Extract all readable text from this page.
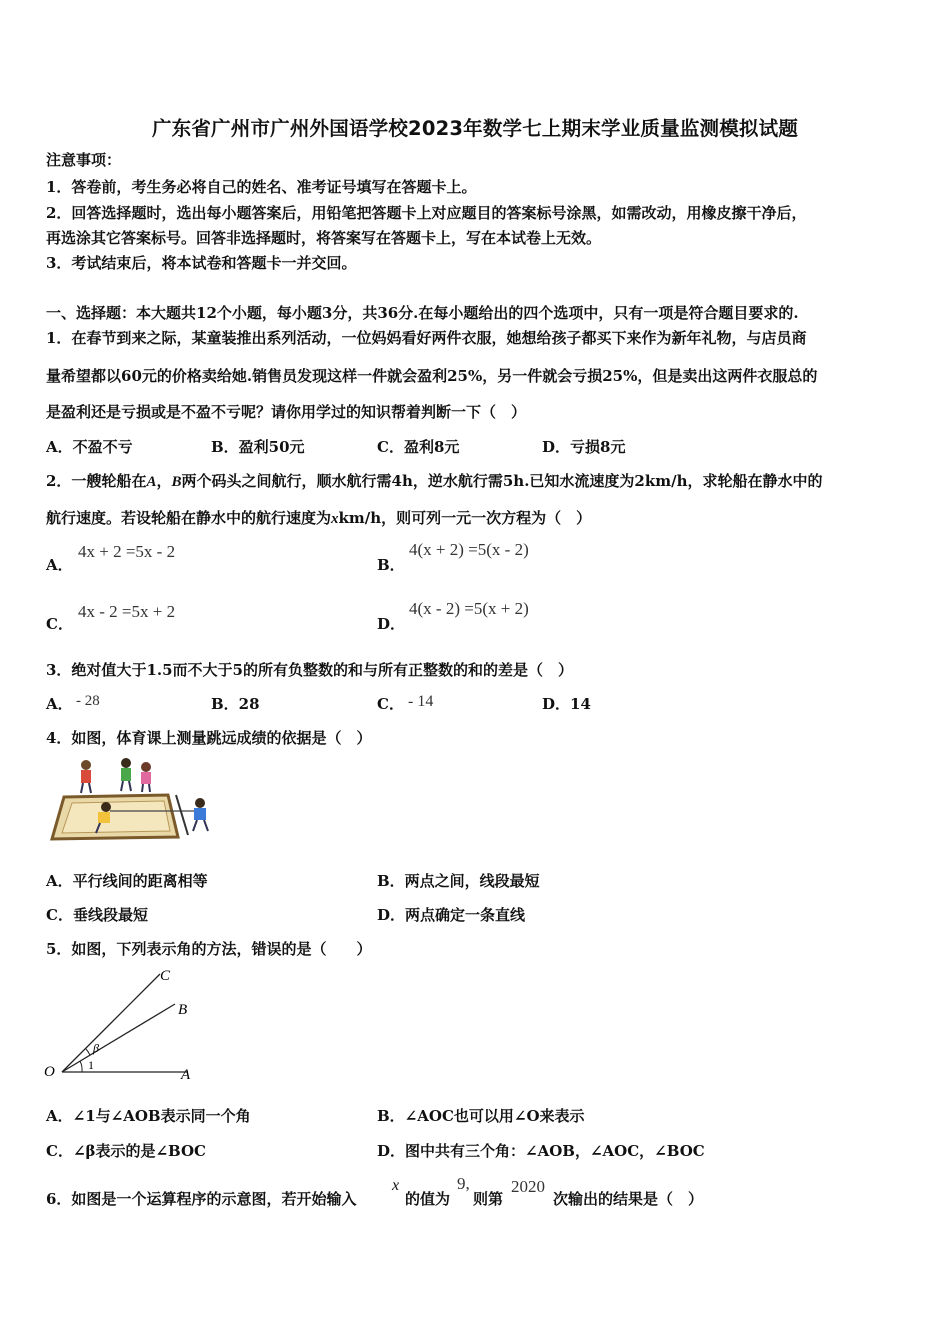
广东省广州市广州外国语学校2023年数学七上期末学业质量监测模拟试题
注意事项：
1．答卷前，考生务必将自己的姓名、准考证号填写在答题卡上。
2．回答选择题时，选出每小题答案后，用铅笔把答题卡上对应题目的答案标号涂黑，如需改动，用橡皮擦干净后，
再选涂其它答案标号。回答非选择题时，将答案写在答题卡上，写在本试卷上无效。
3．考试结束后，将本试卷和答题卡一并交回。
一、选择题：本大题共12个小题，每小题3分，共36分.在每小题给出的四个选项中，只有一项是符合题目要求的.
1．在春节到来之际，某童装推出系列活动，一位妈妈看好两件衣服，她想给孩子都买下来作为新年礼物，与店员商
量希望都以60元的价格卖给她.销售员发现这样一件就会盈利25%，另一件就会亏损25%，但是卖出这两件衣服总的
是盈利还是亏损或是不盈不亏呢？请你用学过的知识帮着判断一下（　）
A．不盈不亏	B．盈利50元	C．盈利8元	D．亏损8元
2．一艘轮船在A，B两个码头之间航行，顺水航行需4h，逆水航行需5h.已知水流速度为2km/h，求轮船在静水中的
航行速度。若设轮船在静水中的航行速度为xkm/h，则可列一元一次方程为（　）
A．
4x + 2 =5x - 2
B．
4(x + 2) =5(x - 2)
C．
4x - 2 =5x + 2
D．
4(x - 2) =5(x + 2)
3．绝对值大于1.5而不大于5的所有负整数的和与所有正整数的和的差是（　）
A． - 28	B．28	C． - 14	D．14
4．如图，体育课上测量跳远成绩的依据是（　）
A．平行线间的距离相等	B．两点之间，线段最短
C．垂线段最短	D．两点确定一条直线
5．如图，下列表示角的方法，错误的是（　　）
O	A
B
C
β
1
A．∠1与∠AOB表示同一个角	B．∠AOC也可以用∠O来表示
C．∠β表示的是∠BOC	D．图中共有三个角：∠AOB，∠AOC，∠BOC
6．如图是一个运算程序的示意图，若开始输入
x
的值为
9,
则第
2020
次输出的结果是（　）
